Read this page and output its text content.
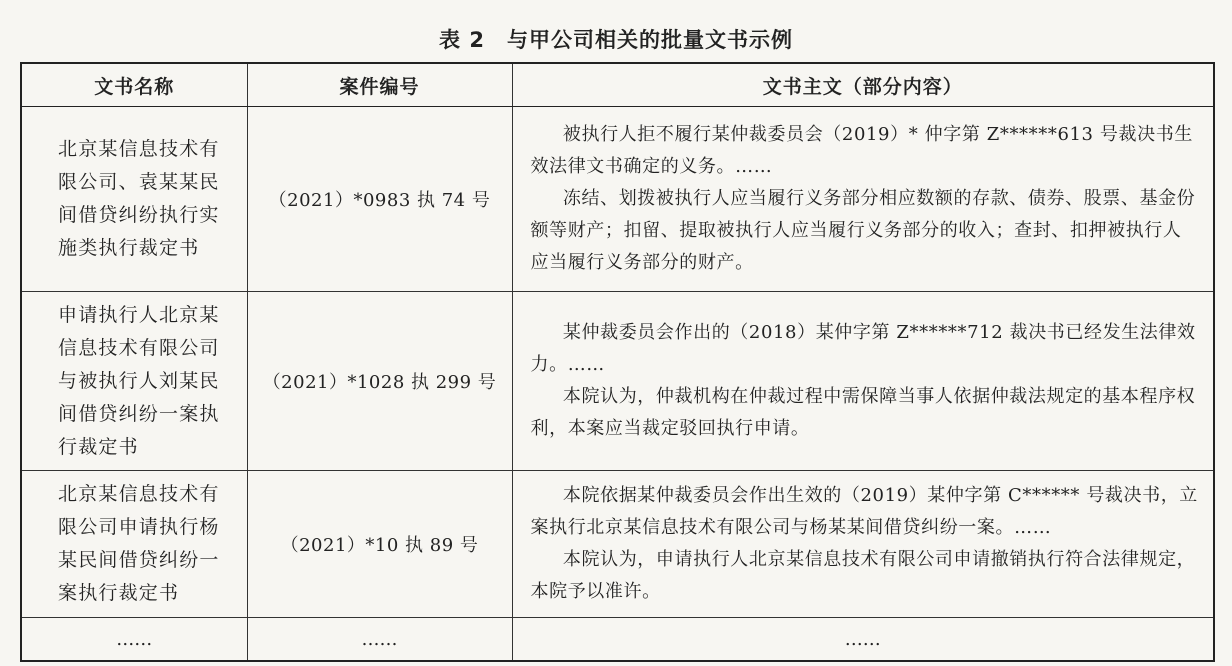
表 2　与甲公司相关的批量文书示例
文书名称	案件编号	文书主文（部分内容）
北京某信息技术有限公司、袁某某民间借贷纠纷执行实施类执行裁定书	（2021）*0983 执 74 号	被执行人拒不履行某仲裁委员会（2019）* 仲字第 Z******613 号裁决书生效法律文书确定的义务。……

冻结、划拨被执行人应当履行义务部分相应数额的存款、债券、股票、基金份额等财产；扣留、提取被执行人应当履行义务部分的收入；查封、扣押被执行人应当履行义务部分的财产。

申请执行人北京某信息技术有限公司与被执行人刘某民间借贷纠纷一案执行裁定书	（2021）*1028 执 299 号	某仲裁委员会作出的（2018）某仲字第 Z******712 裁决书已经发生法律效力。……

本院认为，仲裁机构在仲裁过程中需保障当事人依据仲裁法规定的基本程序权利，本案应当裁定驳回执行申请。

北京某信息技术有限公司申请执行杨某民间借贷纠纷一案执行裁定书	（2021）*10 执 89 号	本院依据某仲裁委员会作出生效的（2019）某仲字第 C****** 号裁决书，立案执行北京某信息技术有限公司与杨某某间借贷纠纷一案。……

本院认为，申请执行人北京某信息技术有限公司申请撤销执行符合法律规定，本院予以准许。

……	……	……
